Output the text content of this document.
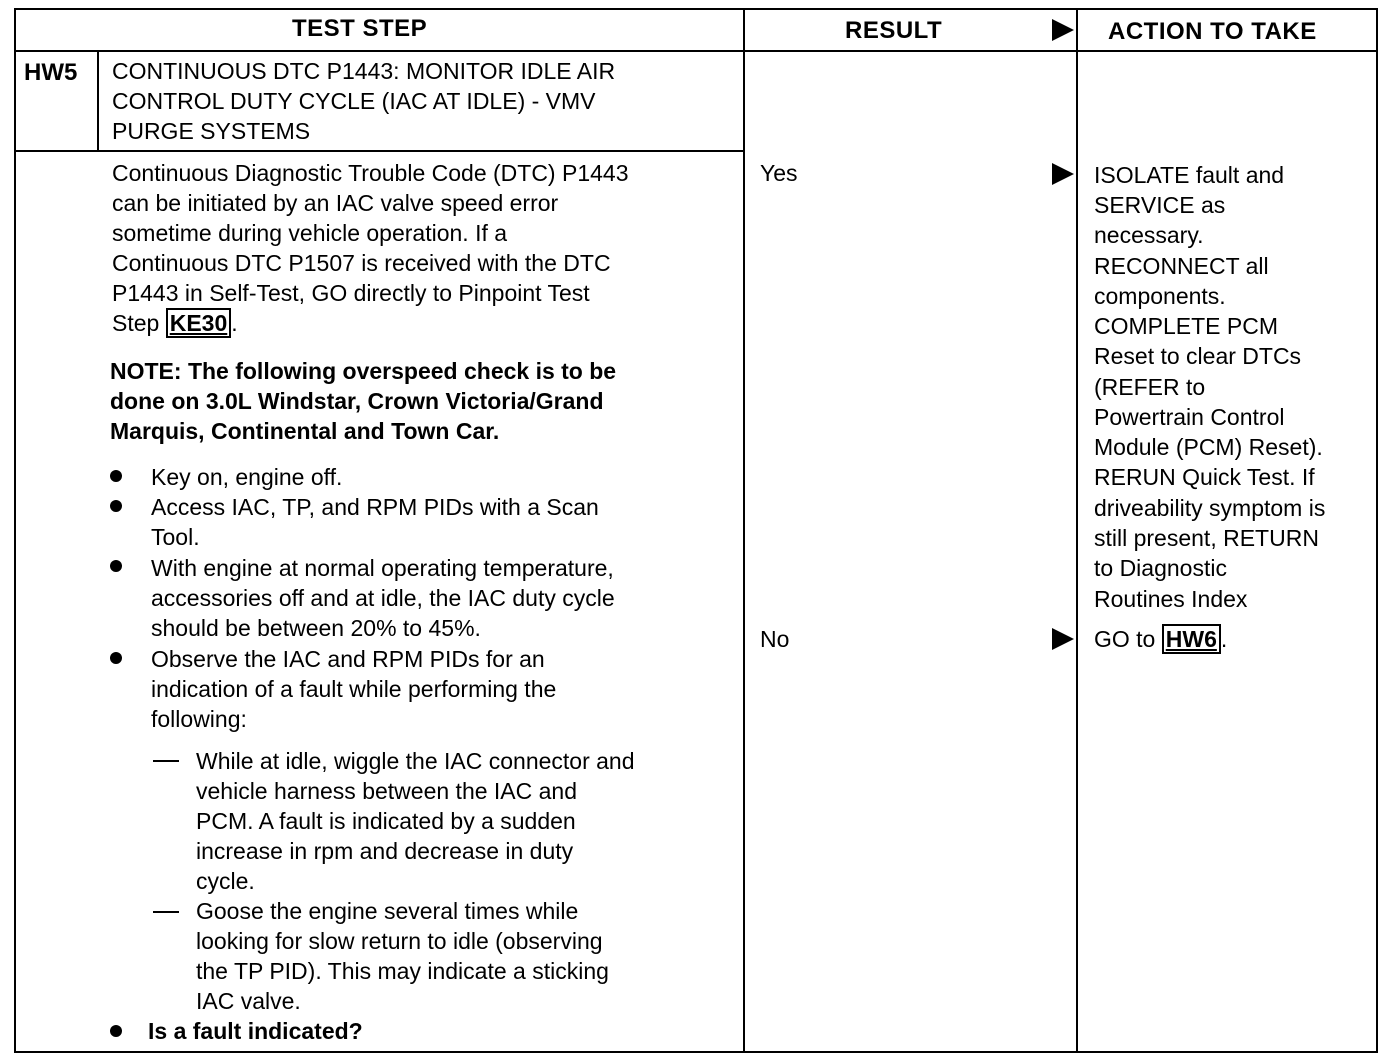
TEST STEP	RESULT	ACTION TO TAKE
HW5 CONTINUOUS DTC P1443: MONITOR IDLE AIR
CONTROL DUTY CYCLE (IAC AT IDLE) - VMV
PURGE SYSTEMS
Continuous Diagnostic Trouble Code (DTC) P1443
can be initiated by an IAC valve speed error
sometime during vehicle operation. If a
Continuous DTC P1507 is received with the DTC
P1443 in Self-Test, GO directly to Pinpoint Test
Step KE30 .
NOTE: The following overspeed check is to be
done on 3.0L Windstar, Crown Victoria/Grand
Marquis, Continental and Town Car.
Key on, engine off.
Access IAC, TP, and RPM PIDs with a Scan
Tool.
With engine at normal operating temperature,
accessories off and at idle, the IAC duty cycle
should be between 20% to 45%.
Observe the IAC and RPM PIDs for an
indication of a fault while performing the
following:
While at idle, wiggle the IAC connector and
vehicle harness between the IAC and
PCM. A fault is indicated by a sudden
increase in rpm and decrease in duty
cycle.
Goose the engine several times while
looking for slow return to idle (observing
the TP PID). This may indicate a sticking
IAC valve.
Is a fault indicated?
Yes
No
ISOLATE fault and
SERVICE as
necessary.
RECONNECT all
components.
COMPLETE PCM
Reset to clear DTCs
(REFER to
Powertrain Control
Module (PCM) Reset).
RERUN Quick Test. If
driveability symptom is
still present, RETURN
to Diagnostic
Routines Index
GO to HW6 .
